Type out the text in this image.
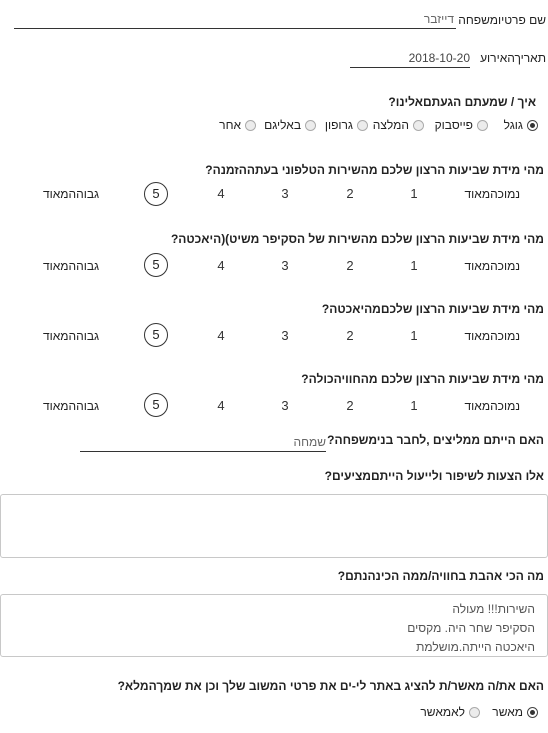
שם פרטיומשפחה
דייזבר
תאריךהאירוע
2018-10-20
איך / שמעתם הגעתםאלינו?
גוגל
פייסבוק
המלצה
גרופון
באליגם
אחר
מהי מידת שביעות הרצון שלכם מהשירות הטלפוני בעתההזמנה?
נמוכהמאוד
1
2
3
4
5
גבוההמאוד
מהי מידת שביעות הרצון שלכם מהשירות של הסקיפר משיט)(היאכטה?
נמוכהמאוד
1
2
3
4
5
גבוההמאוד
מהי מידת שביעות הרצון שלכםמהיאכטה?
נמוכהמאוד
1
2
3
4
5
גבוההמאוד
מהי מידת שביעות הרצון שלכם מהחוויהכולה?
נמוכהמאוד
1
2
3
4
5
גבוההמאוד
האם הייתם ממליצים ,לחבר בנימשפחה?
שמחה
אלו הצעות לשיפור ולייעול הייתםמציעים?
מה הכי אהבת בחוויה/ממה הכינהנתם?
השירות!!! מעולה
הסקיפר שחר היה. מקסים
היאכטה הייתה.מושלמת
האם את/ה מאשר/ת להציג באתר לי-ים את פרטי המשוב שלך וכן את שמךהמלא?
מאשר
לאמאשר
